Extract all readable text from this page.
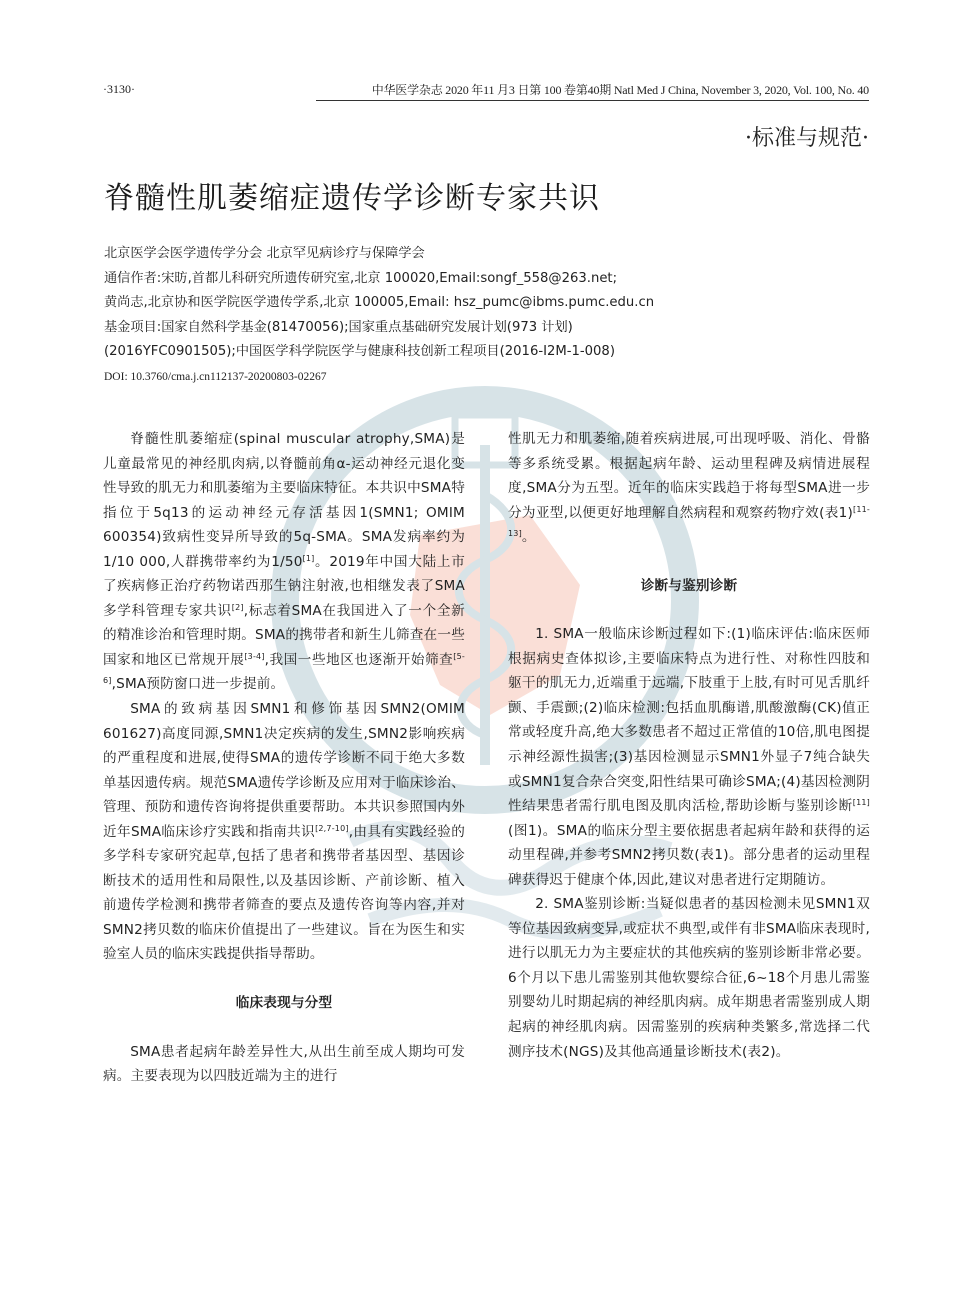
·3130·	中华医学杂志 2020 年11 月3 日第 100 卷第40期 Natl Med J China, November 3, 2020, Vol. 100, No. 40
·标准与规范·
脊髓性肌萎缩症遗传学诊断专家共识
北京医学会医学遗传学分会 北京罕见病诊疗与保障学会
通信作者:宋昉,首都儿科研究所遗传研究室,北京 100020,Email:songf_558@263.net;
黄尚志,北京协和医学院医学遗传学系,北京 100005,Email: hsz_pumc@ibms.pumc.edu.cn
基金项目:国家自然科学基金(81470056);国家重点基础研究发展计划(973 计划)
(2016YFC0901505);中国医学科学院医学与健康科技创新工程项目(2016-I2M-1-008)
DOI: 10.3760/cma.j.cn112137-20200803-02267

脊髓性肌萎缩症(spinal muscular atrophy,SMA)是儿童最常见的神经肌肉病,以脊髓前角α-运动神经元退化变性导致的肌无力和肌萎缩为主要临床特征。本共识中SMA特指位于5q13的运动神经元存活基因1(SMN1; OMIM 600354)致病性变异所导致的5q-SMA。SMA发病率约为1/10 000,人群携带率约为1/50[1]。2019年中国大陆上市了疾病修正治疗药物诺西那生钠注射液,也相继发表了SMA多学科管理专家共识[2],标志着SMA在我国进入了一个全新的精准诊治和管理时期。SMA的携带者和新生儿筛查在一些国家和地区已常规开展[3-4],我国一些地区也逐渐开始筛查[5-6],SMA预防窗口进一步提前。

SMA的致病基因SMN1和修饰基因SMN2(OMIM 601627)高度同源,SMN1决定疾病的发生,SMN2影响疾病的严重程度和进展,使得SMA的遗传学诊断不同于绝大多数单基因遗传病。规范SMA遗传学诊断及应用对于临床诊治、管理、预防和遗传咨询将提供重要帮助。本共识参照国内外近年SMA临床诊疗实践和指南共识[2,7-10],由具有实践经验的多学科专家研究起草,包括了患者和携带者基因型、基因诊断技术的适用性和局限性,以及基因诊断、产前诊断、植入前遗传学检测和携带者筛查的要点及遗传咨询等内容,并对SMN2拷贝数的临床价值提出了一些建议。旨在为医生和实验室人员的临床实践提供指导帮助。

临床表现与分型

SMA患者起病年龄差异性大,从出生前至成人期均可发病。主要表现为以四肢近端为主的进行

性肌无力和肌萎缩,随着疾病进展,可出现呼吸、消化、骨骼等多系统受累。根据起病年龄、运动里程碑及病情进展程度,SMA分为五型。近年的临床实践趋于将每型SMA进一步分为亚型,以便更好地理解自然病程和观察药物疗效(表1)[11-13]。

诊断与鉴别诊断

1. SMA一般临床诊断过程如下:(1)临床评估:临床医师根据病史查体拟诊,主要临床特点为进行性、对称性四肢和躯干的肌无力,近端重于远端,下肢重于上肢,有时可见舌肌纤颤、手震颤;(2)临床检测:包括血肌酶谱,肌酸激酶(CK)值正常或轻度升高,绝大多数患者不超过正常值的10倍,肌电图提示神经源性损害;(3)基因检测显示SMN1外显子7纯合缺失或SMN1复合杂合突变,阳性结果可确诊SMA;(4)基因检测阴性结果患者需行肌电图及肌肉活检,帮助诊断与鉴别诊断[11](图1)。SMA的临床分型主要依据患者起病年龄和获得的运动里程碑,并参考SMN2拷贝数(表1)。部分患者的运动里程碑获得迟于健康个体,因此,建议对患者进行定期随访。

2. SMA鉴别诊断:当疑似患者的基因检测未见SMN1双等位基因致病变异,或症状不典型,或伴有非SMA临床表现时,进行以肌无力为主要症状的其他疾病的鉴别诊断非常必要。6个月以下患儿需鉴别其他软婴综合征,6~18个月患儿需鉴别婴幼儿时期起病的神经肌肉病。成年期患者需鉴别成人期起病的神经肌肉病。因需鉴别的疾病种类繁多,常选择二代测序技术(NGS)及其他高通量诊断技术(表2)。
